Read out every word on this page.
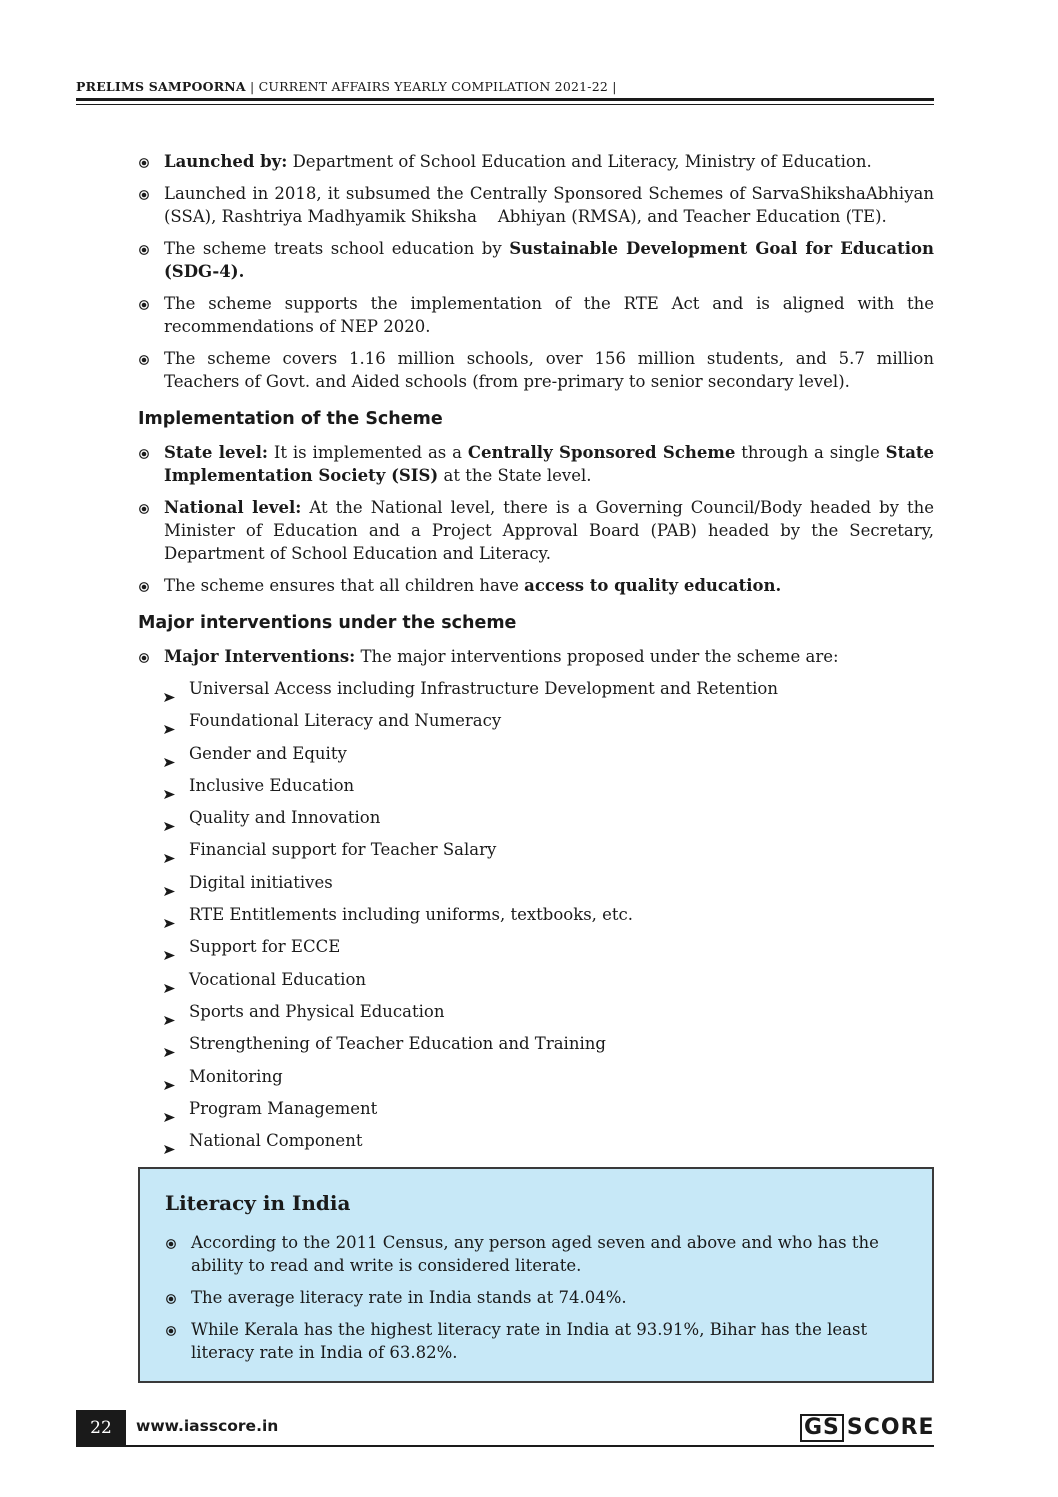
PRELIMS SAMPOORNA | CURRENT AFFAIRS YEARLY COMPILATION 2021-22 |
Launched by: Department of School Education and Literacy, Ministry of Education.
Launched in 2018, it subsumed the Centrally Sponsored Schemes of SarvaShikshaAbhiyan (SSA), Rashtriya Madhyamik Shiksha    Abhiyan (RMSA), and Teacher Education (TE).
The scheme treats school education by Sustainable Development Goal for Education (SDG-4).
The scheme supports the implementation of the RTE Act and is aligned with the recommendations of NEP 2020.
The scheme covers 1.16 million schools, over 156 million students, and 5.7 million Teachers of Govt. and Aided schools (from pre-primary to senior secondary level).
Implementation of the Scheme
State level: It is implemented as a Centrally Sponsored Scheme through a single State Implementation Society (SIS) at the State level.
National level: At the National level, there is a Governing Council/Body headed by the Minister of Education and a Project Approval Board (PAB) headed by the Secretary, Department of School Education and Literacy.
The scheme ensures that all children have access to quality education.
Major interventions under the scheme
Major Interventions: The major interventions proposed under the scheme are:
Universal Access including Infrastructure Development and Retention
Foundational Literacy and Numeracy
Gender and Equity
Inclusive Education
Quality and Innovation
Financial support for Teacher Salary
Digital initiatives
RTE Entitlements including uniforms, textbooks, etc.
Support for ECCE
Vocational Education
Sports and Physical Education
Strengthening of Teacher Education and Training
Monitoring
Program Management
National Component
Literacy in India
According to the 2011 Census, any person aged seven and above and who has the ability to read and write is considered literate.
The average literacy rate in India stands at 74.04%.
While Kerala has the highest literacy rate in India at 93.91%, Bihar has the least literacy rate in India of 63.82%.
22	www.iasscore.in	GS SCORE
